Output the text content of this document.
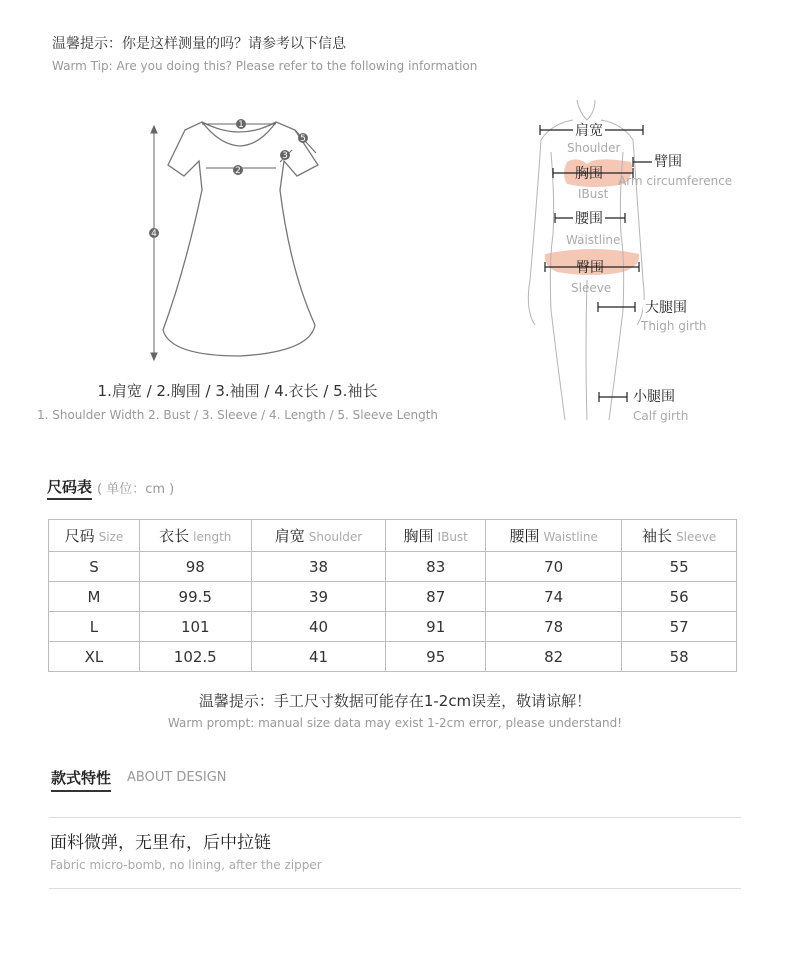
温馨提示：你是这样测量的吗？请参考以下信息
Warm Tip: Are you doing this? Please refer to the following information
1
2
3
4
5
1.肩宽 / 2.胸围 / 3.袖围 / 4.衣长 / 5.袖长
1. Shoulder Width 2. Bust / 3. Sleeve / 4. Length / 5. Sleeve Length
肩宽
Shoulder
胸围
IBust
臂围
Arm circumference
腰围
Waistline
臀围
Sleeve
大腿围
Thigh girth
小腿围
Calf girth
尺码表 ( 单位：cm )
尺码 Size	衣长 length	肩宽 Shoulder	胸围 IBust	腰围 Waistline	袖长 Sleeve
S	98	38	83	70	55
M	99.5	39	87	74	56
L	101	40	91	78	57
XL	102.5	41	95	82	58
温馨提示：手工尺寸数据可能存在1-2cm误差，敬请谅解！
Warm prompt: manual size data may exist 1-2cm error, please understand!
款式特性 ABOUT DESIGN
面料微弹，无里布，后中拉链
Fabric micro-bomb, no lining, after the zipper
